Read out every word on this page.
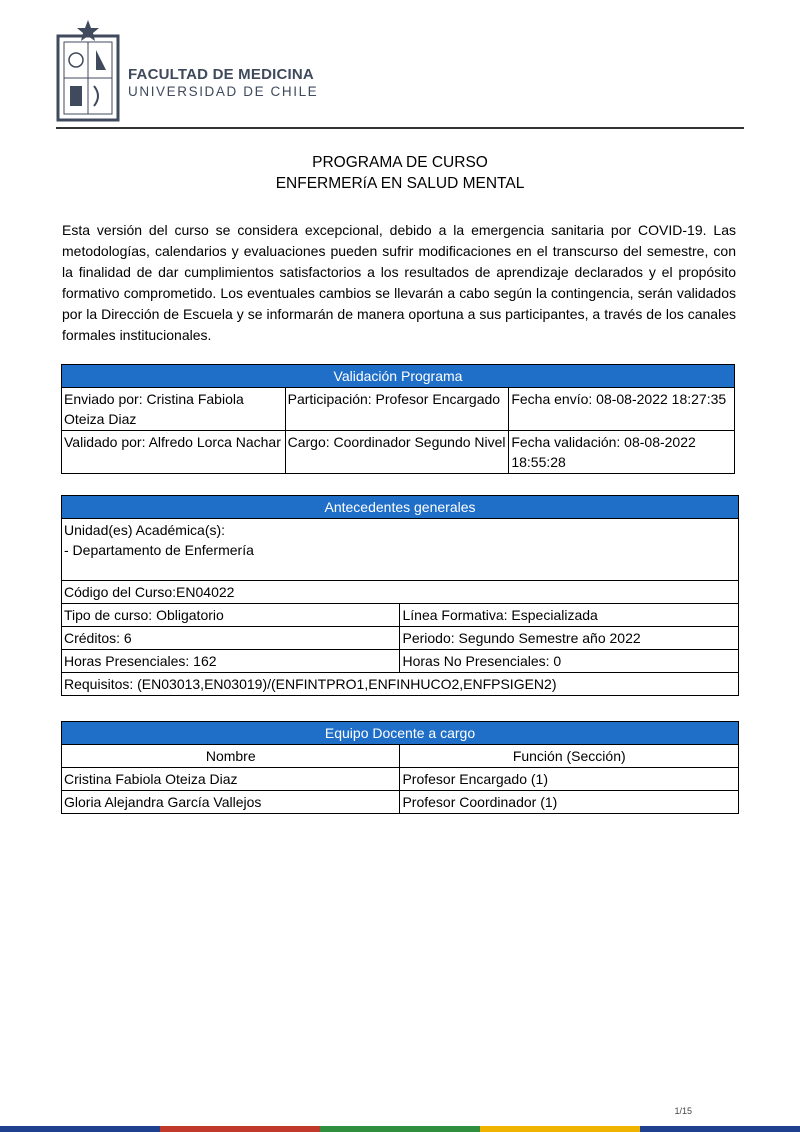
FACULTAD DE MEDICINA
UNIVERSIDAD DE CHILE
PROGRAMA DE CURSO
ENFERMERíA EN SALUD MENTAL
Esta versión del curso se considera excepcional, debido a la emergencia sanitaria por COVID-19. Las metodologías, calendarios y evaluaciones pueden sufrir modificaciones en el transcurso del semestre, con la finalidad de dar cumplimientos satisfactorios a los resultados de aprendizaje declarados y el propósito formativo comprometido. Los eventuales cambios se llevarán a cabo según la contingencia, serán validados por la Dirección de Escuela y se informarán de manera oportuna a sus participantes, a través de los canales formales institucionales.
Validación Programa		
Enviado por: Cristina Fabiola Oteiza Diaz	Participación: Profesor Encargado	Fecha envío: 08-08-2022 18:27:35
Validado por: Alfredo Lorca Nachar	Cargo: Coordinador Segundo Nivel	Fecha validación: 08-08-2022 18:55:28
Antecedentes generales	

Unidad(es) Académica(s):
- Departamento de Enfermería	

Código del Curso:EN04022	
Tipo de curso: Obligatorio	Línea Formativa: Especializada
Créditos: 6	Periodo: Segundo Semestre año 2022
Horas Presenciales: 162	Horas No Presenciales: 0
Requisitos: (EN03013,EN03019)/(ENFINTPRO1,ENFINHUCO2,ENFPSIGEN2)	
Equipo Docente a cargo	
Nombre	Función (Sección)
Cristina Fabiola Oteiza Diaz	Profesor Encargado (1)
Gloria Alejandra García Vallejos	Profesor Coordinador (1)
1/15
